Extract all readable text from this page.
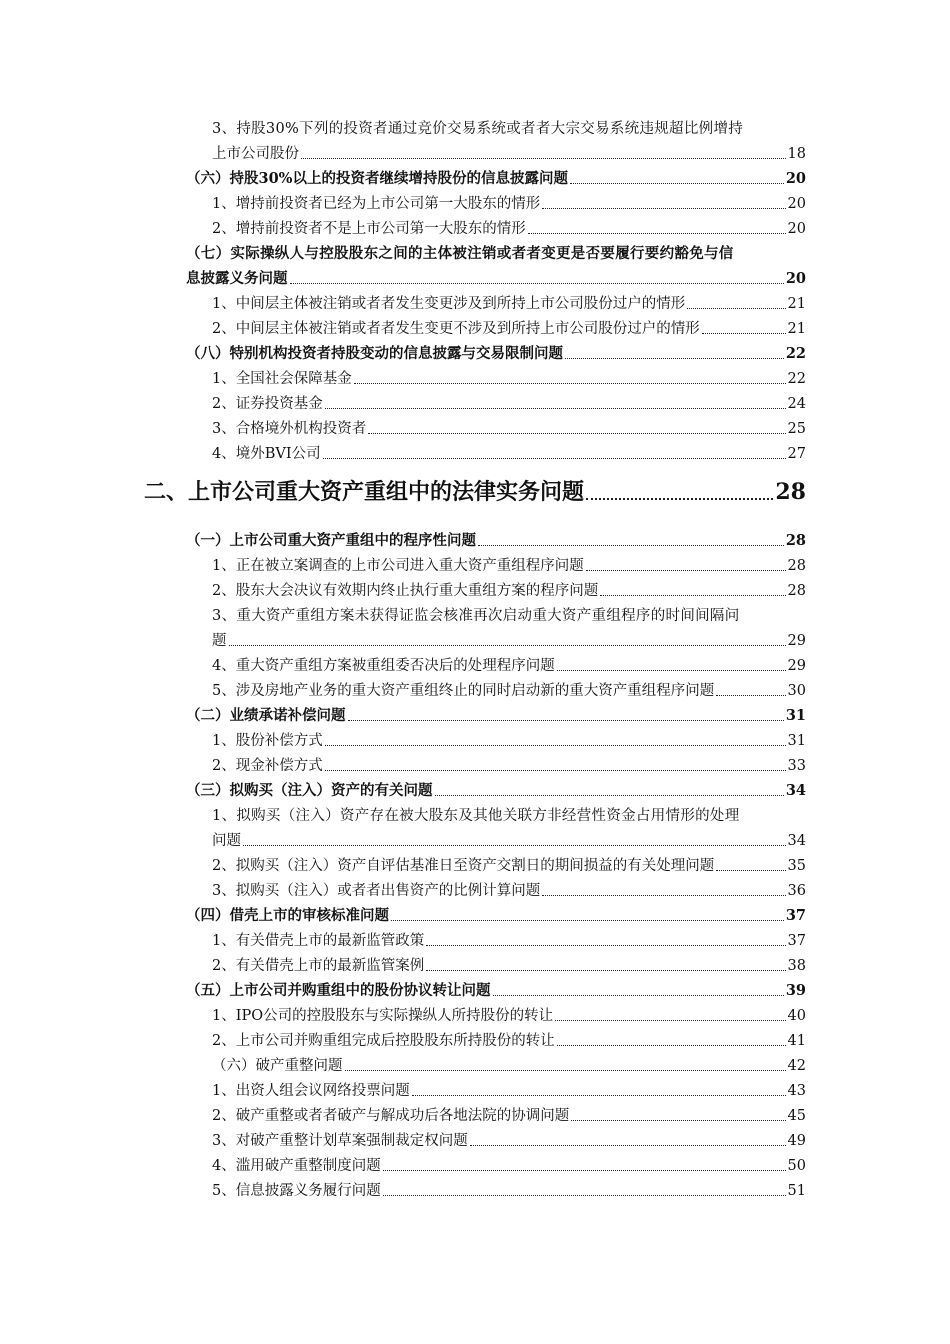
3、持股30%下列的投资者通过竞价交易系统或者者大宗交易系统违规超比例增持
上市公司股份	18
（六）持股30%以上的投资者继续增持股份的信息披露问题	20
1、增持前投资者已经为上市公司第一大股东的情形	20
2、增持前投资者不是上市公司第一大股东的情形	20
（七）实际操纵人与控股股东之间的主体被注销或者者变更是否要履行要约豁免与信
息披露义务问题	20
1、中间层主体被注销或者者发生变更涉及到所持上市公司股份过户的情形	21
2、中间层主体被注销或者者发生变更不涉及到所持上市公司股份过户的情形	21
（八）特别机构投资者持股变动的信息披露与交易限制问题	22
1、全国社会保障基金	22
2、证券投资基金	24
3、合格境外机构投资者	25
4、境外BVI公司	27
二、上市公司重大资产重组中的法律实务问题	28
（一）上市公司重大资产重组中的程序性问题	28
1、正在被立案调查的上市公司进入重大资产重组程序问题	28
2、股东大会决议有效期内终止执行重大重组方案的程序问题	28
3、重大资产重组方案未获得证监会核准再次启动重大资产重组程序的时间间隔问
题	29
4、重大资产重组方案被重组委否决后的处理程序问题	29
5、涉及房地产业务的重大资产重组终止的同时启动新的重大资产重组程序问题	30
（二）业绩承诺补偿问题	31
1、股份补偿方式	31
2、现金补偿方式	33
（三）拟购买（注入）资产的有关问题	34
1、拟购买（注入）资产存在被大股东及其他关联方非经营性资金占用情形的处理
问题	34
2、拟购买（注入）资产自评估基准日至资产交割日的期间损益的有关处理问题	35
3、拟购买（注入）或者者出售资产的比例计算问题	36
（四）借壳上市的审核标准问题	37
1、有关借壳上市的最新监管政策	37
2、有关借壳上市的最新监管案例	38
（五）上市公司并购重组中的股份协议转让问题	39
1、IPO公司的控股股东与实际操纵人所持股份的转让	40
2、上市公司并购重组完成后控股股东所持股份的转让	41
（六）破产重整问题	42
1、出资人组会议网络投票问题	43
2、破产重整或者者破产与解成功后各地法院的协调问题	45
3、对破产重整计划草案强制裁定权问题	49
4、滥用破产重整制度问题	50
5、信息披露义务履行问题	51
